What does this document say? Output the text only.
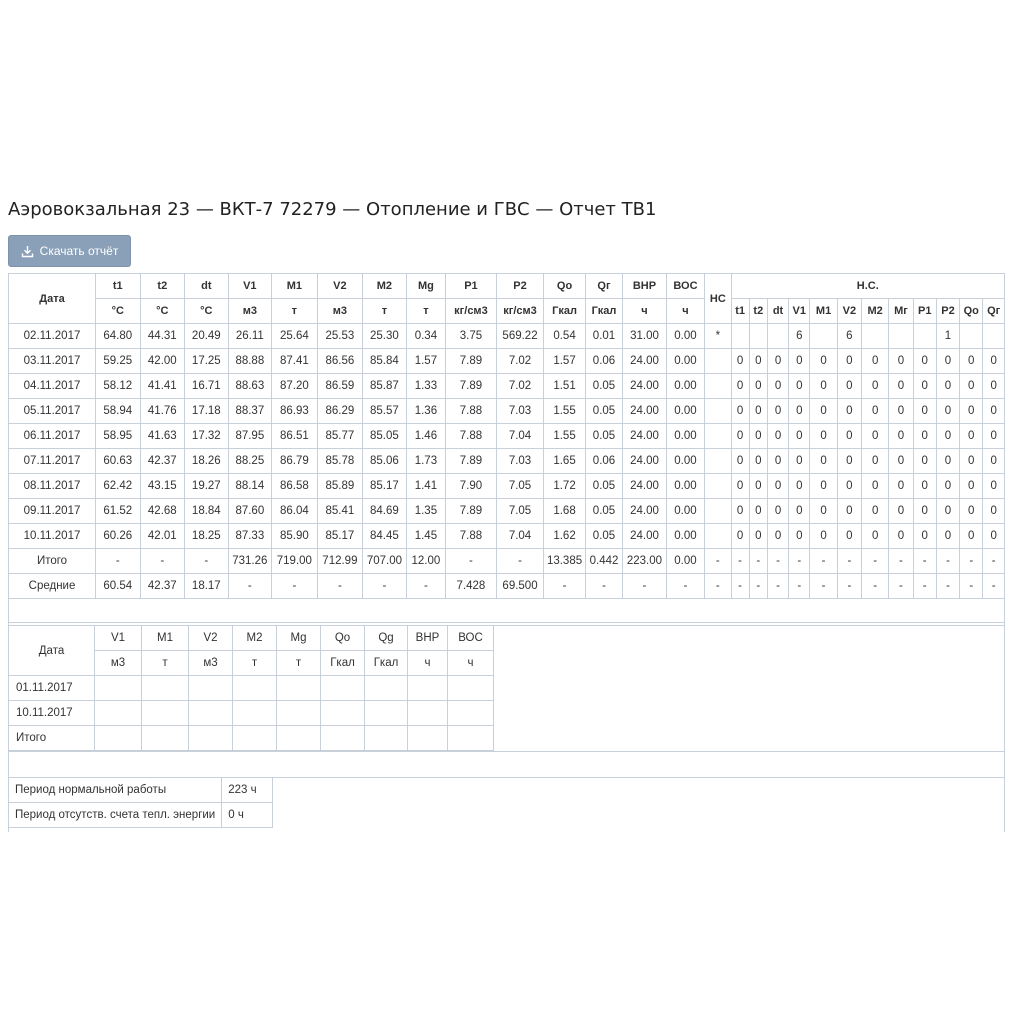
Аэровокзальная 23 — ВКТ-7 72279 — Отопление и ГВС — Отчет ТВ1
Скачать отчёт
Дата	t1	t2	dt	V1	M1	V2	M2	Mg	P1	P2	Qo	Qг	ВНР	ВОС	НС	Н.С.											
	°C	°C	°C	м3	т	м3	т	т	кг/см3	кг/см3	Гкал	Гкал	ч	ч		t1	t2	dt	V1	M1	V2	M2	Mг	P1	P2	Qo	Qг
02.11.2017	64.80	44.31	20.49	26.11	25.64	25.53	25.30	0.34	3.75	569.22	0.54	0.01	31.00	0.00	*				6		6				1		
03.11.2017	59.25	42.00	17.25	88.88	87.41	86.56	85.84	1.57	7.89	7.02	1.57	0.06	24.00	0.00		0	0	0	0	0	0	0	0	0	0	0	0
04.11.2017	58.12	41.41	16.71	88.63	87.20	86.59	85.87	1.33	7.89	7.02	1.51	0.05	24.00	0.00		0	0	0	0	0	0	0	0	0	0	0	0
05.11.2017	58.94	41.76	17.18	88.37	86.93	86.29	85.57	1.36	7.88	7.03	1.55	0.05	24.00	0.00		0	0	0	0	0	0	0	0	0	0	0	0
06.11.2017	58.95	41.63	17.32	87.95	86.51	85.77	85.05	1.46	7.88	7.04	1.55	0.05	24.00	0.00		0	0	0	0	0	0	0	0	0	0	0	0
07.11.2017	60.63	42.37	18.26	88.25	86.79	85.78	85.06	1.73	7.89	7.03	1.65	0.06	24.00	0.00		0	0	0	0	0	0	0	0	0	0	0	0
08.11.2017	62.42	43.15	19.27	88.14	86.58	85.89	85.17	1.41	7.90	7.05	1.72	0.05	24.00	0.00		0	0	0	0	0	0	0	0	0	0	0	0
09.11.2017	61.52	42.68	18.84	87.60	86.04	85.41	84.69	1.35	7.89	7.05	1.68	0.05	24.00	0.00		0	0	0	0	0	0	0	0	0	0	0	0
10.11.2017	60.26	42.01	18.25	87.33	85.90	85.17	84.45	1.45	7.88	7.04	1.62	0.05	24.00	0.00		0	0	0	0	0	0	0	0	0	0	0	0
Итого	-	-	-	731.26	719.00	712.99	707.00	12.00	-	-	13.385	0.442	223.00	0.00	-	-	-	-	-	-	-	-	-	-	-	-	-
Средние	60.54	42.37	18.17	-	-	-	-	-	7.428	69.500	-	-	-	-	-	-	-	-	-	-	-	-	-	-	-	-	-

Дата	V1	M1	V2	M2	Mg	Qo	Qg	ВНР	ВОС
	м3	т	м3	т	т	Гкал	Гкал	ч	ч
01.11.2017									
10.11.2017									
Итого									
Период нормальной работы	223 ч
Период отсутств. счета тепл. энергии	0 ч
